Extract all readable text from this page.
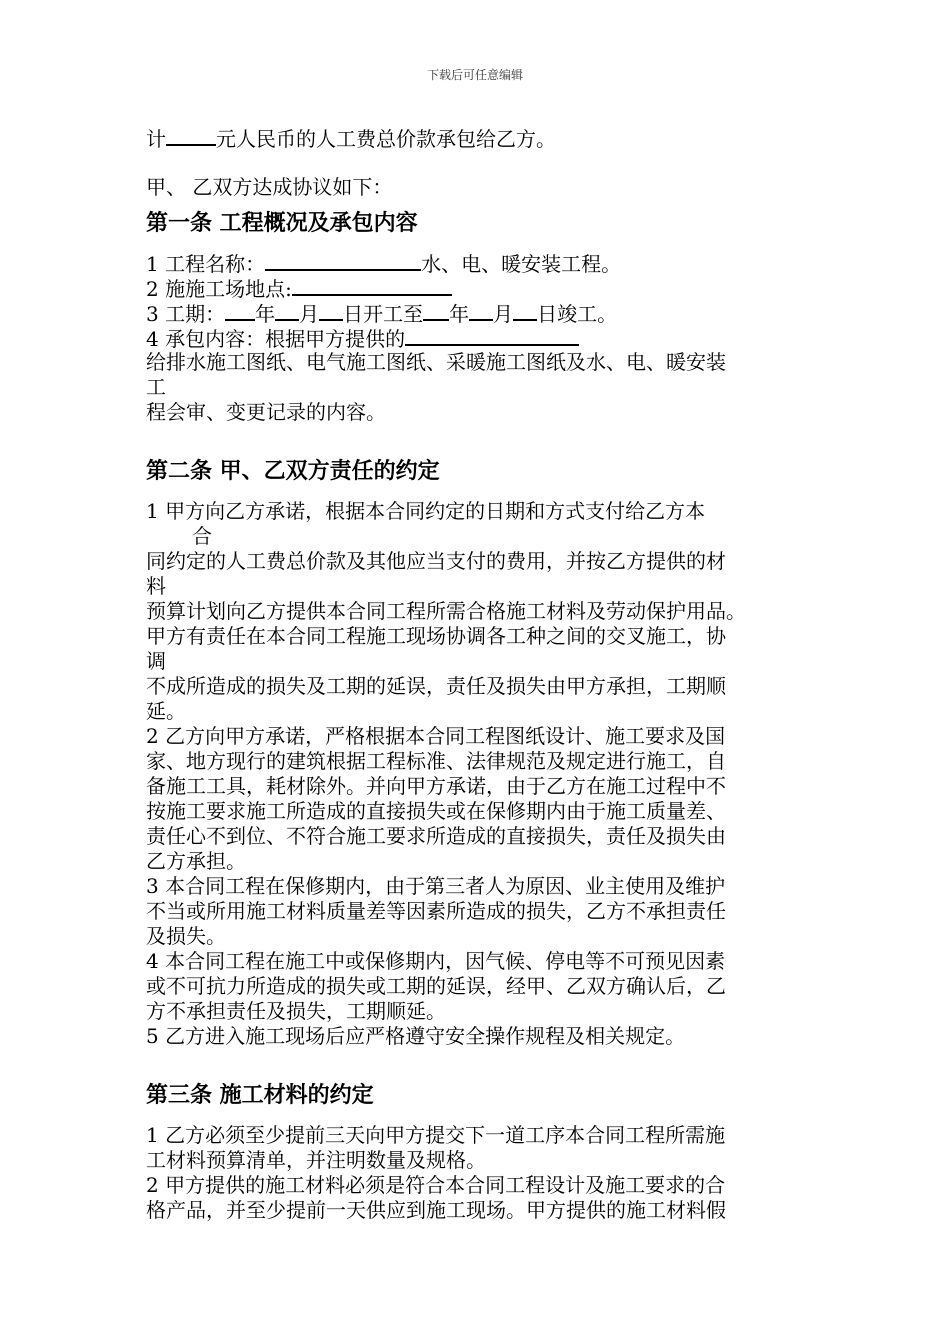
下载后可任意编辑
计	元人民币的人工费总价款承包给乙方。
甲、 乙双方达成协议如下：
第一条 工程概况及承包内容
1 工程名称：	水、电、暖安装工程。
2 施施工场地点:
3 工期： 年 月 日开工至 年 月 日竣工。
4 承包内容：根据甲方提供的
给排水施工图纸、电气施工图纸、采暖施工图纸及水、电、暖安装
工
程会审、变更记录的内容。
第二条 甲、乙双方责任的约定
1 甲方向乙方承诺，根据本合同约定的日期和方式支付给乙方本
合
同约定的人工费总价款及其他应当支付的费用，并按乙方提供的材
料
预算计划向乙方提供本合同工程所需合格施工材料及劳动保护用品。
甲方有责任在本合同工程施工现场协调各工种之间的交叉施工，协
调
不成所造成的损失及工期的延误，责任及损失由甲方承担，工期顺
延。
2 乙方向甲方承诺，严格根据本合同工程图纸设计、施工要求及国
家、地方现行的建筑根据工程标准、法律规范及规定进行施工，自
备施工工具，耗材除外。并向甲方承诺，由于乙方在施工过程中不
按施工要求施工所造成的直接损失或在保修期内由于施工质量差、
责任心不到位、不符合施工要求所造成的直接损失，责任及损失由
乙方承担。
3 本合同工程在保修期内，由于第三者人为原因、业主使用及维护
不当或所用施工材料质量差等因素所造成的损失，乙方不承担责任
及损失。
4 本合同工程在施工中或保修期内，因气候、停电等不可预见因素
或不可抗力所造成的损失或工期的延误，经甲、乙双方确认后，乙
方不承担责任及损失，工期顺延。
5 乙方进入施工现场后应严格遵守安全操作规程及相关规定。
第三条 施工材料的约定
1 乙方必须至少提前三天向甲方提交下一道工序本合同工程所需施
工材料预算清单，并注明数量及规格。
2 甲方提供的施工材料必须是符合本合同工程设计及施工要求的合
格产品，并至少提前一天供应到施工现场。甲方提供的施工材料假
